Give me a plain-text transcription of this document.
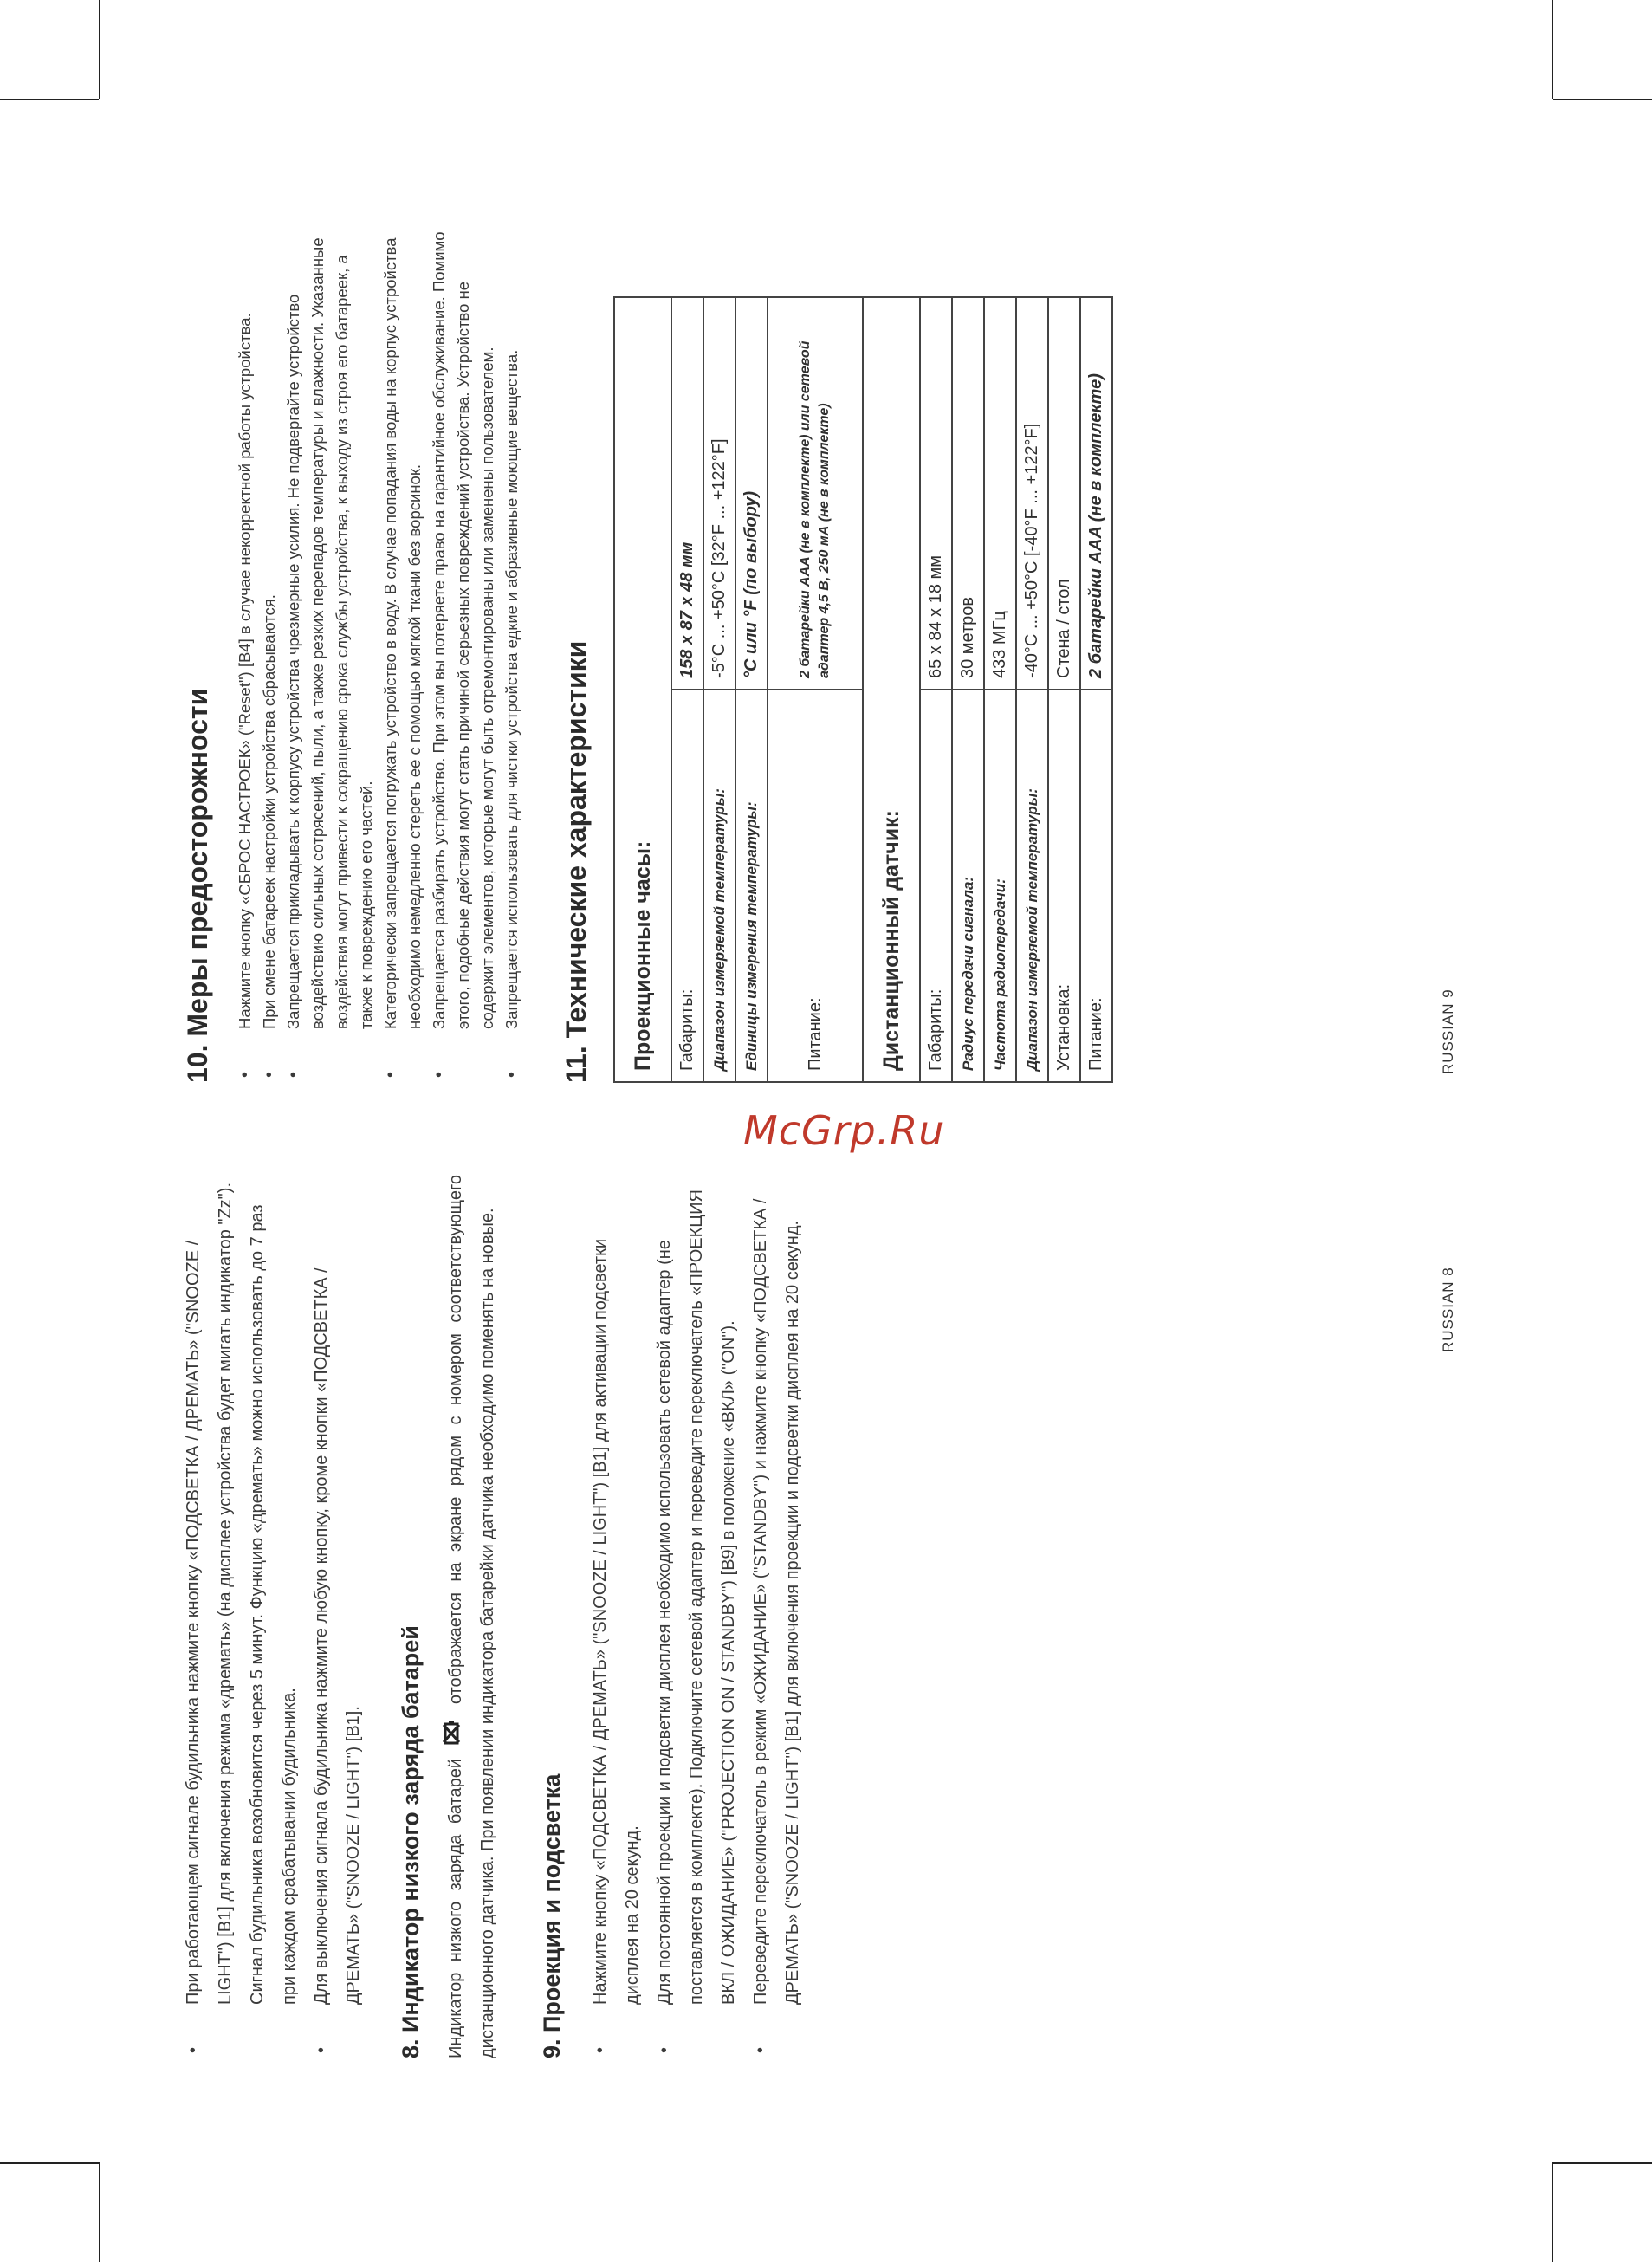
McGrp.Ru
• При работающем сигнале будильника нажмите кнопку «ПОДСВЕТКА / ДРЕМАТЬ» ("SNOOZE / LIGHT") [B1] для включения режима «дремать» (на дисплее устройства будет мигать индикатор "Zz"). Сигнал будильника возобновится через 5 минут. Функцию «дремать» можно использовать до 7 раз при каждом срабатывании будильника. • Для выключения сигнала будильника нажмите любую кнопку, кроме кнопки «ПОДСВЕТКА / ДРЕМАТЬ» ("SNOOZE / LIGHT") [B1]. 8. Индикатор низкого заряда батарей	Индикатор низкого заряда батарей  отображается на экране рядом с номером соответствующего дистанционного датчика. При появлении индикатора батарейки датчика необходимо поменять на новые. 9. Проекция и подсветка	• Нажмите кнопку «ПОДСВЕТКА / ДРЕМАТЬ» ("SNOOZE / LIGHT") [B1] для активации подсветки дисплея на 20 секунд. • Для постоянной проекции и подсветки дисплея необходимо использовать сетевой адаптер (не поставляется в комплекте). Подключите сетевой адаптер и переведите переключатель «ПРОЕКЦИЯ ВКЛ / ОЖИДАНИЕ» ("PROJECTION ON / STANDBY") [B9] в положение «ВКЛ» ("ON"). • Переведите переключатель в режим «ОЖИДАНИЕ» ("STANDBY") и нажмите кнопку «ПОДСВЕТКА / ДРЕМАТЬ» ("SNOOZE / LIGHT") [B1] для включения проекции и подсветки дисплея на 20 секунд.	RUSSIAN 8
10. Меры предосторожности • Нажмите кнопку «СБРОС НАСТРОЕК» ("Reset") [B4] в случае некорректной работы устройства. • При смене батареек настройки устройства сбрасываются. • Запрещается прикладывать к корпусу устройства чрезмерные усилия. Не подвергайте устройство воздействию сильных сотрясений, пыли, а также резких перепадов температуры и влажности. Указанные воздействия могут привести к сокращению срока службы устройства, к выходу из строя его батареек, а также к повреждению его частей. • Категорически запрещается погружать устройство в воду. В случае попадания воды на корпус устройства необходимо немедленно стереть ее с помощью мягкой ткани без ворсинок. • Запрещается разбирать устройство. При этом вы потеряете право на гарантийное обслуживание. Помимо этого, подобные действия могут стать причиной серьезных повреждений устройства. Устройство не содержит элементов, которые могут быть отремонтированы или заменены пользователем. • Запрещается использовать для чистки устройства едкие и абразивные моющие вещества. 11. Технические характеристики Проекционные часы:	
Габариты:	158 x 87 x 48 мм
Диапазон измеряемой температуры:	-5°C ... +50°C [32°F ... +122°F]
Единицы измерения температуры:	°C или °F (по выбору)
Питание:	2 батарейки AAA (не в комплекте) или сетевой адаптер 4,5 В, 250 мА (не в комплекте)
Дистанционный датчик:	
Габариты:	65 x 84 x 18 мм
Радиус передачи сигнала:	30 метров
Частота радиопередачи:	433 МГц
Диапазон измеряемой температуры:	-40°C ... +50°C [-40°F ... +122°F]
Установка:	Стена / стол
Питание:	2 батарейки AAA (не в комплекте)
RUSSIAN 9
